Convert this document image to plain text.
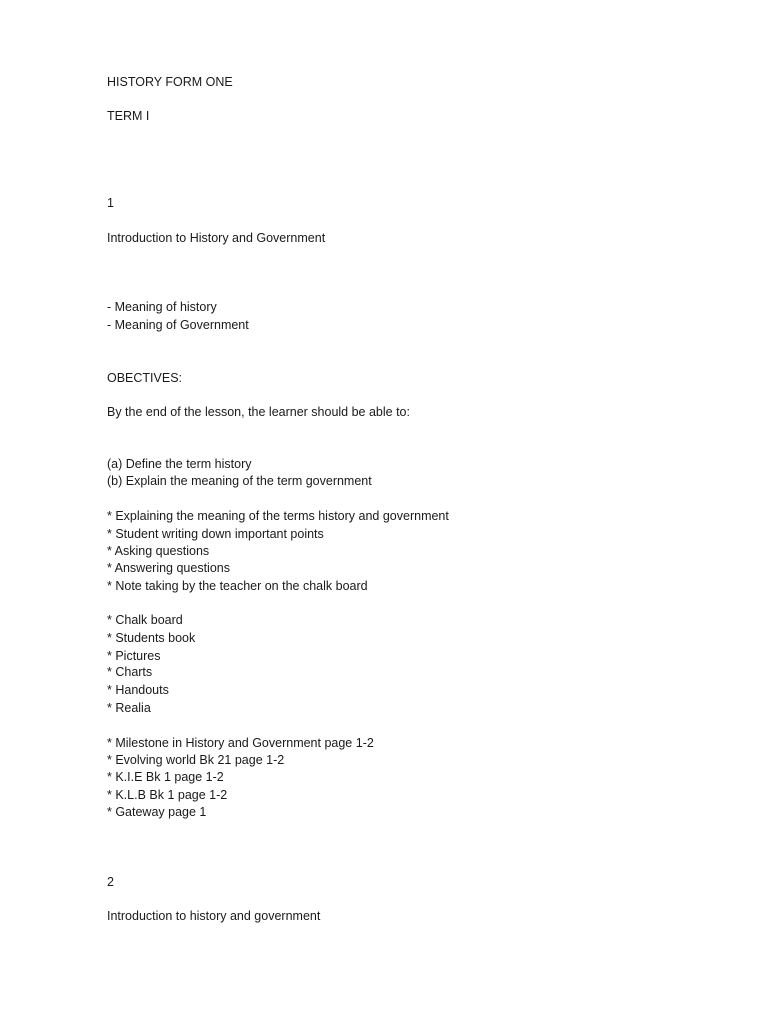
HISTORY FORM ONE
TERM I
1
Introduction to History and Government
- Meaning of history
- Meaning of Government
OBECTIVES:
By the end of the lesson, the learner should be able to:
(a) Define the term history
(b) Explain the meaning of the term government
* Explaining the meaning of the terms history and government
* Student writing down important points
* Asking questions
* Answering questions
* Note taking by the teacher on the chalk board
* Chalk board
* Students book
* Pictures
* Charts
* Handouts
* Realia
* Milestone in History and Government page 1-2
* Evolving world Bk 21 page 1-2
* K.I.E Bk 1 page 1-2
* K.L.B Bk 1 page 1-2
* Gateway page 1
2
Introduction to history and government
